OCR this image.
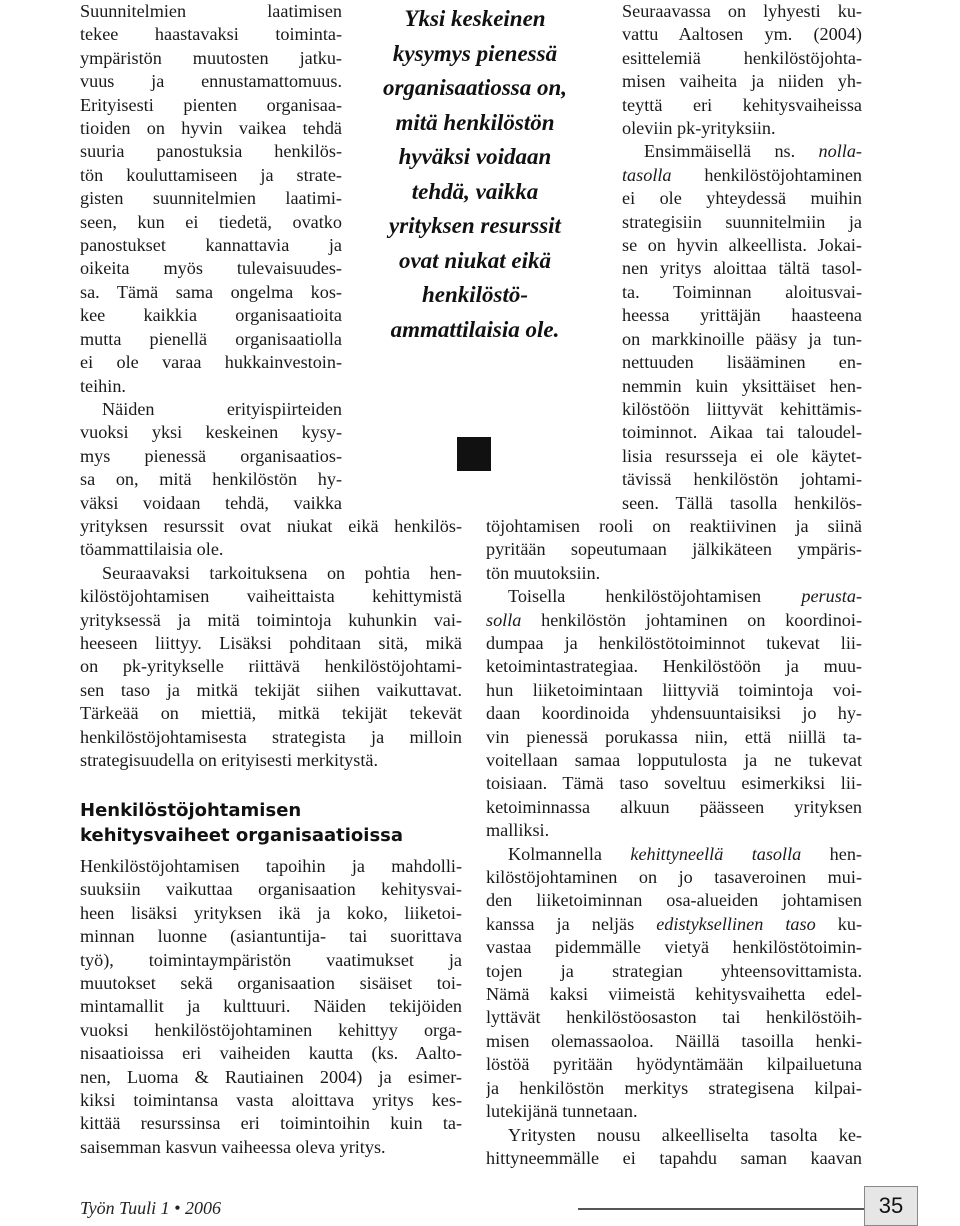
Yksi keskeinen
kysymys pienessä
organisaatiossa on,
mitä henkilöstön
hyväksi voidaan
tehdä, vaikka
yrityksen resurssit
ovat niukat eikä
henkilöstö-
ammattilaisia ole.
Suunnitelmien laatimisen
tekee haastavaksi toiminta-
ympäristön muutosten jatku-
vuus ja ennustamattomuus.
Erityisesti pienten organisaa-
tioiden on hyvin vaikea tehdä
suuria panostuksia henkilös-
tön kouluttamiseen ja strate-
gisten suunnitelmien laatimi-
seen, kun ei tiedetä, ovatko
panostukset kannattavia ja
oikeita myös tulevaisuudes-
sa. Tämä sama ongelma kos-
kee kaikkia organisaatioita
mutta pienellä organisaatiolla
ei ole varaa hukkainvestoin-
teihin.
Näiden erityispiirteiden
vuoksi yksi keskeinen kysy-
mys pienessä organisaatios-
sa on, mitä henkilöstön hy-
väksi voidaan tehdä, vaikka
yrityksen resurssit ovat niukat eikä henkilös-
töammattilaisia ole.
Seuraavaksi tarkoituksena on pohtia hen-
kilöstöjohtamisen vaiheittaista kehittymistä
yrityksessä ja mitä toimintoja kuhunkin vai-
heeseen liittyy. Lisäksi pohditaan sitä, mikä
on pk-yritykselle riittävä henkilöstöjohtami-
sen taso ja mitkä tekijät siihen vaikuttavat.
Tärkeää on miettiä, mitkä tekijät tekevät
henkilöstöjohtamisesta strategista ja milloin
strategisuudella on erityisesti merkitystä.
Henkilöstöjohtamisen
kehitysvaiheet organisaatioissa
Henkilöstöjohtamisen tapoihin ja mahdolli-
suuksiin vaikuttaa organisaation kehitysvai-
heen lisäksi yrityksen ikä ja koko, liiketoi-
minnan luonne (asiantuntija- tai suorittava
työ), toimintaympäristön vaatimukset ja
muutokset sekä organisaation sisäiset toi-
mintamallit ja kulttuuri. Näiden tekijöiden
vuoksi henkilöstöjohtaminen kehittyy orga-
nisaatioissa eri vaiheiden kautta (ks. Aalto-
nen, Luoma & Rautiainen 2004) ja esimer-
kiksi toimintansa vasta aloittava yritys kes-
kittää resurssinsa eri toimintoihin kuin ta-
saisemman kasvun vaiheessa oleva yritys.
Seuraavassa on lyhyesti ku-
vattu Aaltosen ym. (2004)
esittelemiä henkilöstöjohta-
misen vaiheita ja niiden yh-
teyttä eri kehitysvaiheissa
oleviin pk-yrityksiin.
Ensimmäisellä ns. nolla-
tasolla henkilöstöjohtaminen
ei ole yhteydessä muihin
strategisiin suunnitelmiin ja
se on hyvin alkeellista. Jokai-
nen yritys aloittaa tältä tasol-
ta. Toiminnan aloitusvai-
heessa yrittäjän haasteena
on markkinoille pääsy ja tun-
nettuuden lisääminen en-
nemmin kuin yksittäiset hen-
kilöstöön liittyvät kehittämis-
toiminnot. Aikaa tai taloudel-
lisia resursseja ei ole käytet-
tävissä henkilöstön johtami-
seen. Tällä tasolla henkilös-
töjohtamisen rooli on reaktiivinen ja siinä
pyritään sopeutumaan jälkikäteen ympäris-
tön muutoksiin.
Toisella henkilöstöjohtamisen perusta-
solla henkilöstön johtaminen on koordinoi-
dumpaa ja henkilöstötoiminnot tukevat lii-
ketoimintastrategiaa. Henkilöstöön ja muu-
hun liiketoimintaan liittyviä toimintoja voi-
daan koordinoida yhdensuuntaisiksi jo hy-
vin pienessä porukassa niin, että niillä ta-
voitellaan samaa lopputulosta ja ne tukevat
toisiaan. Tämä taso soveltuu esimerkiksi lii-
ketoiminnassa alkuun päässeen yrityksen
malliksi.
Kolmannella kehittyneellä tasolla hen-
kilöstöjohtaminen on jo tasaveroinen mui-
den liiketoiminnan osa-alueiden johtamisen
kanssa ja neljäs edistyksellinen taso ku-
vastaa pidemmälle vietyä henkilöstötoimin-
tojen ja strategian yhteensovittamista.
Nämä kaksi viimeistä kehitysvaihetta edel-
lyttävät henkilöstöosaston tai henkilöstöih-
misen olemassaoloa. Näillä tasoilla henki-
löstöä pyritään hyödyntämään kilpailuetuna
ja henkilöstön merkitys strategisena kilpai-
lutekijänä tunnetaan.
Yritysten nousu alkeelliselta tasolta ke-
hittyneemmälle ei tapahdu saman kaavan
Työn Tuuli 1 • 2006	35
